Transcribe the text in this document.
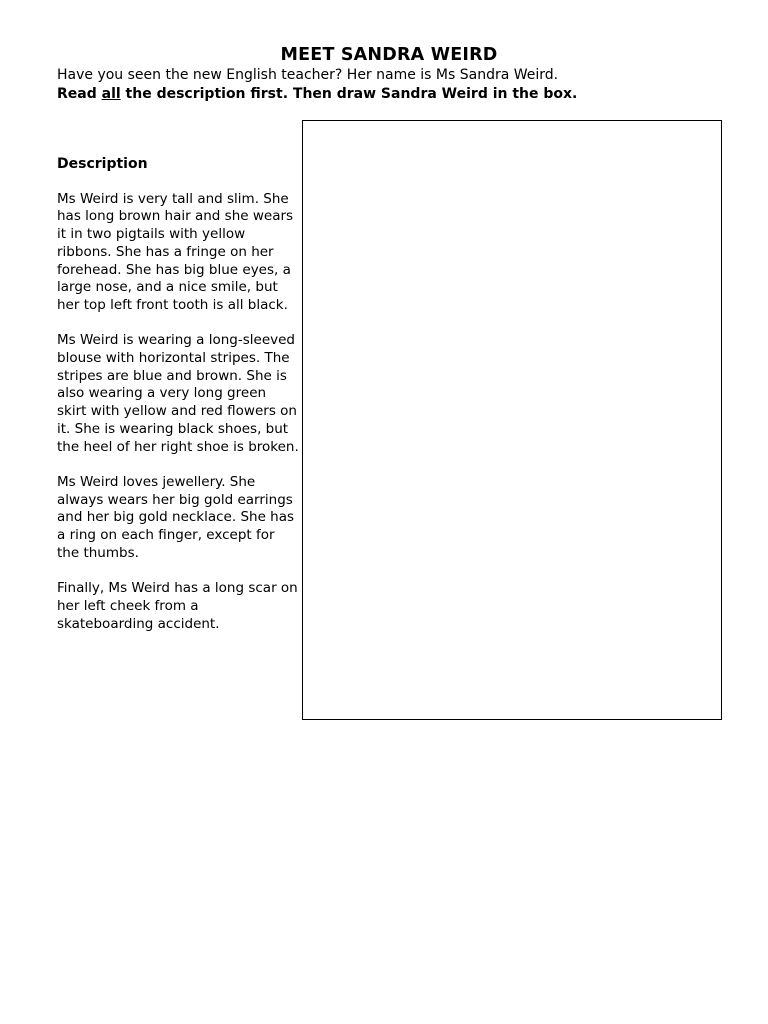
MEET SANDRA WEIRD
Have you seen the new English teacher? Her name is Ms Sandra Weird.
Read all the description first. Then draw Sandra Weird in the box.
Description

Ms Weird is very tall and slim. She has long brown hair and she wears it in two pigtails with yellow ribbons. She has a fringe on her forehead. She has big blue eyes, a large nose, and a nice smile, but her top left front tooth is all black.

Ms Weird is wearing a long-sleeved blouse with horizontal stripes. The stripes are blue and brown. She is also wearing a very long green skirt with yellow and red flowers on it. She is wearing black shoes, but the heel of her right shoe is broken.

Ms Weird loves jewellery. She always wears her big gold earrings and her big gold necklace. She has a ring on each finger, except for the thumbs.

Finally, Ms Weird has a long scar on her left cheek from a skateboarding accident.
